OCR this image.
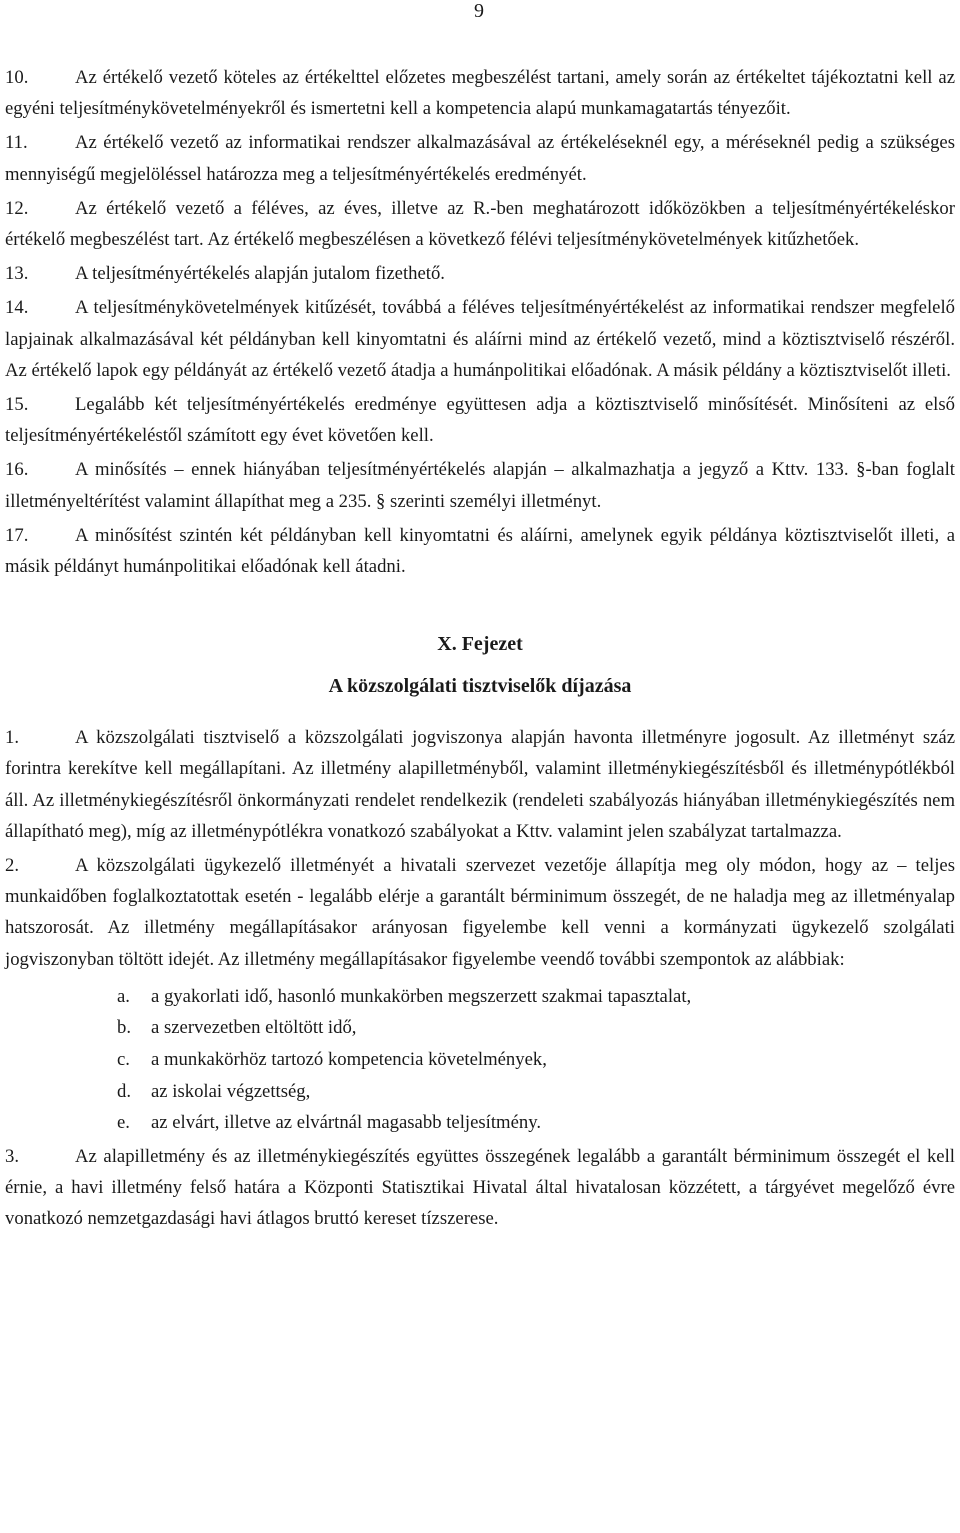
9

10. Az értékelő vezető köteles az értékelttel előzetes megbeszélést tartani, amely során az értékeltet tájékoztatni kell az egyéni teljesítménykövetelményekről és ismertetni kell a kompetencia alapú munkamagatartás tényezőit.

11.	Az értékelő vezető az informatikai rendszer alkalmazásával az értékeléseknél egy, a méréseknél pedig a szükséges mennyiségű megjelöléssel határozza meg a teljesítményértékelés eredményét.

12. Az értékelő vezető a féléves, az éves, illetve az R.-ben meghatározott időközökben a teljesítményértékeléskor értékelő megbeszélést tart. Az értékelő megbeszélésen a következő félévi teljesítménykövetelmények kitűzhetőek.

13. A teljesítményértékelés alapján jutalom fizethető.

14. A teljesítménykövetelmények kitűzését, továbbá a féléves teljesítményértékelést az informatikai rendszer megfelelő lapjainak alkalmazásával két példányban kell kinyomtatni és aláírni mind az értékelő vezető, mind a köztisztviselő részéről. Az értékelő lapok egy példányát az értékelő vezető átadja a humánpolitikai előadónak. A másik példány a köztisztviselőt illeti.

15. Legalább két teljesítményértékelés eredménye együttesen adja a köztisztviselő minősítését. Minősíteni az első teljesítményértékeléstől számított egy évet követően kell.

16. A minősítés – ennek hiányában teljesítményértékelés alapján – alkalmazhatja a jegyző a Kttv. 133. §-ban foglalt illetményeltérítést valamint állapíthat meg a 235. § szerinti személyi illetményt.

17. A minősítést szintén két példányban kell kinyomtatni és aláírni, amelynek egyik példánya köztisztviselőt illeti, a másik példányt humánpolitikai előadónak kell átadni.

X. Fejezet
A közszolgálati tisztviselők díjazása

1.	A közszolgálati tisztviselő a közszolgálati jogviszonya alapján havonta illetményre jogosult. Az illetményt száz forintra kerekítve kell megállapítani. Az illetmény alapilletményből, valamint illetménykiegészítésből és illetménypótlékból áll. Az illetménykiegészítésről önkormányzati rendelet rendelkezik (rendeleti szabályozás hiányában illetménykiegészítés nem állapítható meg), míg az illetménypótlékra vonatkozó szabályokat a Kttv. valamint jelen szabályzat tartalmazza.

2.	A közszolgálati ügykezelő illetményét a hivatali szervezet vezetője állapítja meg oly módon, hogy az – teljes munkaidőben foglalkoztatottak esetén - legalább elérje a garantált bérminimum összegét, de ne haladja meg az illetményalap hatszorosát. Az illetmény megállapításakor arányosan figyelembe kell venni a kormányzati ügykezelő szolgálati jogviszonyban töltött idejét. Az illetmény megállapításakor figyelembe veendő további szempontok az alábbiak:

a. a gyakorlati idő, hasonló munkakörben megszerzett szakmai tapasztalat,
b. a szervezetben eltöltött idő,
c. a munkakörhöz tartozó kompetencia követelmények,
d. az iskolai végzettség,
e. az elvárt, illetve az elvártnál magasabb teljesítmény.

3.	Az alapilletmény és az illetménykiegészítés együttes összegének legalább a garantált bérminimum összegét el kell érnie, a havi illetmény felső határa a Központi Statisztikai Hivatal által hivatalosan közzétett, a tárgyévet megelőző évre vonatkozó nemzetgazdasági havi átlagos bruttó kereset tízszerese.
